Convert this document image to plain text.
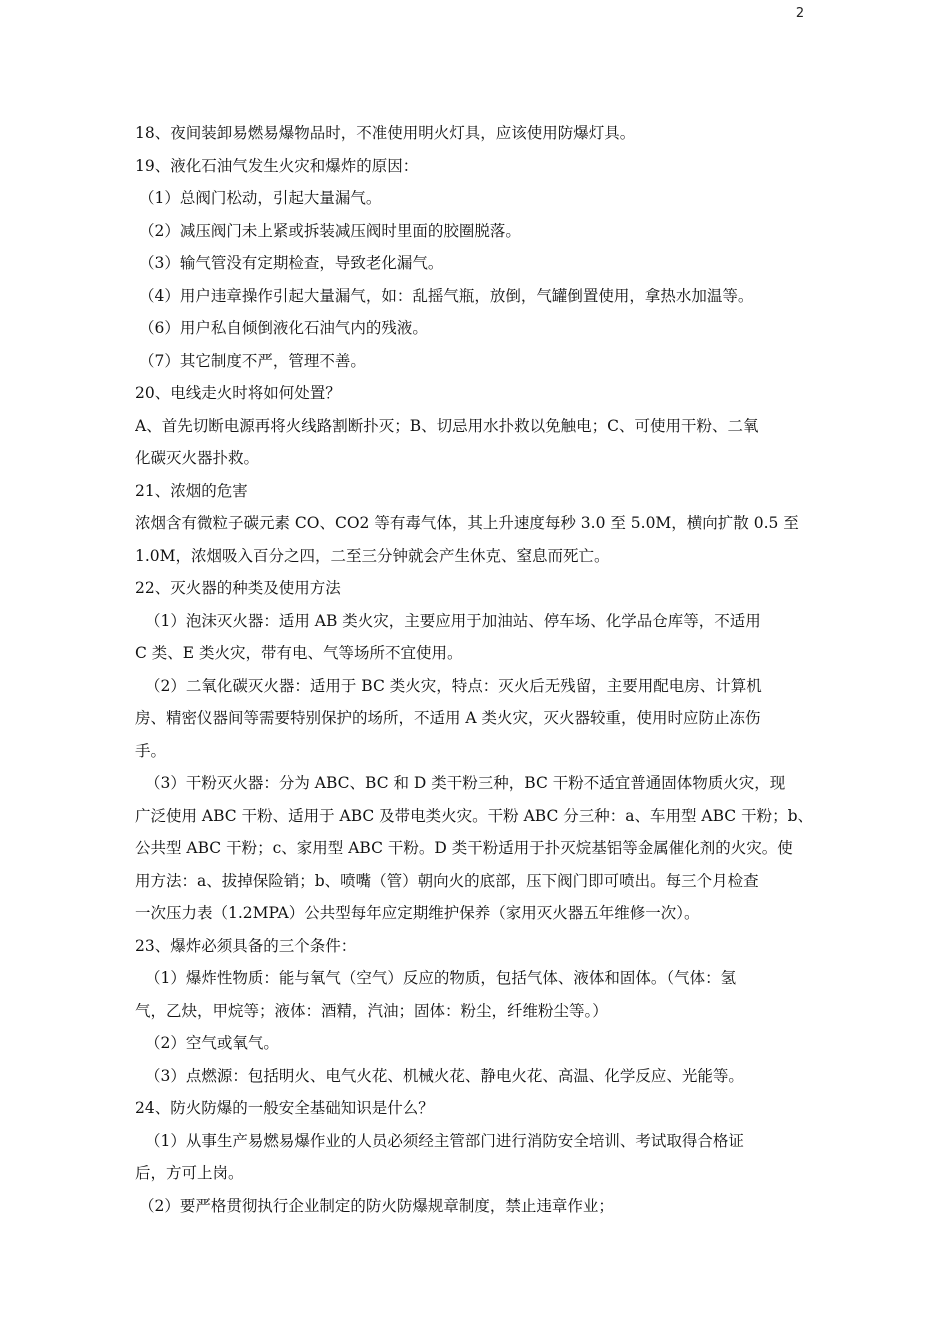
2
18、夜间装卸易燃易爆物品时，不准使用明火灯具，应该使用防爆灯具。
19、液化石油气发生火灾和爆炸的原因：
（1）总阀门松动，引起大量漏气。
（2）减压阀门未上紧或拆装减压阀时里面的胶圈脱落。
（3）输气管没有定期检查，导致老化漏气。
（4）用户违章操作引起大量漏气，如：乱摇气瓶，放倒，气罐倒置使用，拿热水加温等。
（6）用户私自倾倒液化石油气内的残液。
（7）其它制度不严，管理不善。
20、电线走火时将如何处置？
A、首先切断电源再将火线路割断扑灭；B、切忌用水扑救以免触电；C、可使用干粉、二氧
化碳灭火器扑救。
21、浓烟的危害
浓烟含有微粒子碳元素 CO、CO2 等有毒气体，其上升速度每秒 3.0 至 5.0M，横向扩散 0.5 至
1.0M，浓烟吸入百分之四，二至三分钟就会产生休克、窒息而死亡。
22、灭火器的种类及使用方法
（1）泡沫灭火器：适用 AB 类火灾，主要应用于加油站、停车场、化学品仓库等，不适用
C 类、E 类火灾，带有电、气等场所不宜使用。
（2）二氧化碳灭火器：适用于 BC 类火灾，特点：灭火后无残留，主要用配电房、计算机
房、精密仪器间等需要特别保护的场所，不适用 A 类火灾，灭火器较重，使用时应防止冻伤
手。
（3）干粉灭火器：分为 ABC、BC 和 D 类干粉三种，BC 干粉不适宜普通固体物质火灾，现
广泛使用 ABC 干粉、适用于 ABC 及带电类火灾。干粉 ABC 分三种：a、车用型 ABC 干粉；b、
公共型 ABC 干粉；c、家用型 ABC 干粉。D 类干粉适用于扑灭烷基铝等金属催化剂的火灾。使
用方法：a、拔掉保险销；b、喷嘴（管）朝向火的底部，压下阀门即可喷出。每三个月检查
一次压力表（1.2MPA）公共型每年应定期维护保养（家用灭火器五年维修一次）。
23、爆炸必须具备的三个条件：
（1）爆炸性物质：能与氧气（空气）反应的物质，包括气体、液体和固体。（气体：氢
气，乙炔，甲烷等；液体：酒精，汽油；固体：粉尘，纤维粉尘等。）
（2）空气或氧气。
（3）点燃源：包括明火、电气火花、机械火花、静电火花、高温、化学反应、光能等。
24、防火防爆的一般安全基础知识是什么？
（1）从事生产易燃易爆作业的人员必须经主管部门进行消防安全培训、考试取得合格证
后，方可上岗。
（2）要严格贯彻执行企业制定的防火防爆规章制度，禁止违章作业；
